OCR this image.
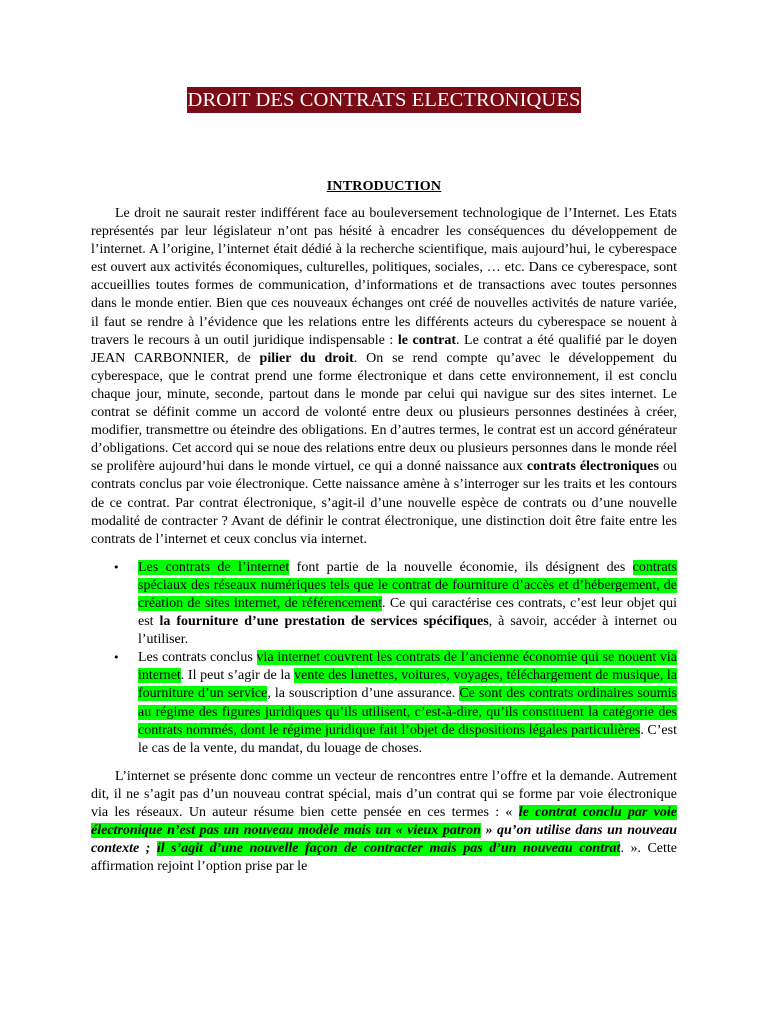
DROIT DES CONTRATS ELECTRONIQUES
INTRODUCTION

Le droit ne saurait rester indifférent face au bouleversement technologique de l’Internet. Les Etats représentés par leur législateur n’ont pas hésité à encadrer les conséquences du développement de l’internet. A l’origine, l’internet était dédié à la recherche scientifique, mais aujourd’hui, le cyberespace est ouvert aux activités économiques, culturelles, politiques, sociales, … etc. Dans ce cyberespace, sont accueillies toutes formes de communication, d’informations et de transactions avec toutes personnes dans le monde entier. Bien que ces nouveaux échanges ont créé de nouvelles activités de nature variée, il faut se rendre à l’évidence que les relations entre les différents acteurs du cyberespace se nouent à travers le recours à un outil juridique indispensable : le contrat. Le contrat a été qualifié par le doyen JEAN CARBONNIER, de pilier du droit. On se rend compte qu’avec le développement du cyberespace, que le contrat prend une forme électronique et dans cette environnement, il est conclu chaque jour, minute, seconde, partout dans le monde par celui qui navigue sur des sites internet. Le contrat se définit comme un accord de volonté entre deux ou plusieurs personnes destinées à créer, modifier, transmettre ou éteindre des obligations. En d’autres termes, le contrat est un accord générateur d’obligations. Cet accord qui se noue des relations entre deux ou plusieurs personnes dans le monde réel se prolifère aujourd’hui dans le monde virtuel, ce qui a donné naissance aux contrats électroniques ou contrats conclus par voie électronique. Cette naissance amène à s’interroger sur les traits et les contours de ce contrat. Par contrat électronique, s’agit-il d’une nouvelle espèce de contrats ou d’une nouvelle modalité de contracter ? Avant de définir le contrat électronique, une distinction doit être faite entre les contrats de l’internet et ceux conclus via internet.

•	Les contrats de l’internet font partie de la nouvelle économie, ils désignent des contrats spéciaux des réseaux numériques tels que le contrat de fourniture d’accès et d’hébergement, de création de sites internet, de référencement. Ce qui caractérise ces contrats, c’est leur objet qui est la fourniture d’une prestation de services spécifiques, à savoir, accéder à internet ou l’utiliser.
•	Les contrats conclus via internet couvrent les contrats de l’ancienne économie qui se nouent via internet. Il peut s’agir de la vente des lunettes, voitures, voyages, téléchargement de musique, la fourniture d’un service, la souscription d’une assurance. Ce sont des contrats ordinaires soumis au régime des figures juridiques qu’ils utilisent, c’est-à-dire, qu’ils constituent la catégorie des contrats nommés, dont le régime juridique fait l’objet de dispositions légales particulières. C’est le cas de la vente, du mandat, du louage de choses.

L’internet se présente donc comme un vecteur de rencontres entre l’offre et la demande. Autrement dit, il ne s’agit pas d’un nouveau contrat spécial, mais d’un contrat qui se forme par voie électronique via les réseaux. Un auteur résume bien cette pensée en ces termes : « le contrat conclu par voie électronique n’est pas un nouveau modèle mais un « vieux patron » qu’on utilise dans un nouveau contexte ; il s’agit d’une nouvelle façon de contracter mais pas d’un nouveau contrat. ». Cette affirmation rejoint l’option prise par le
